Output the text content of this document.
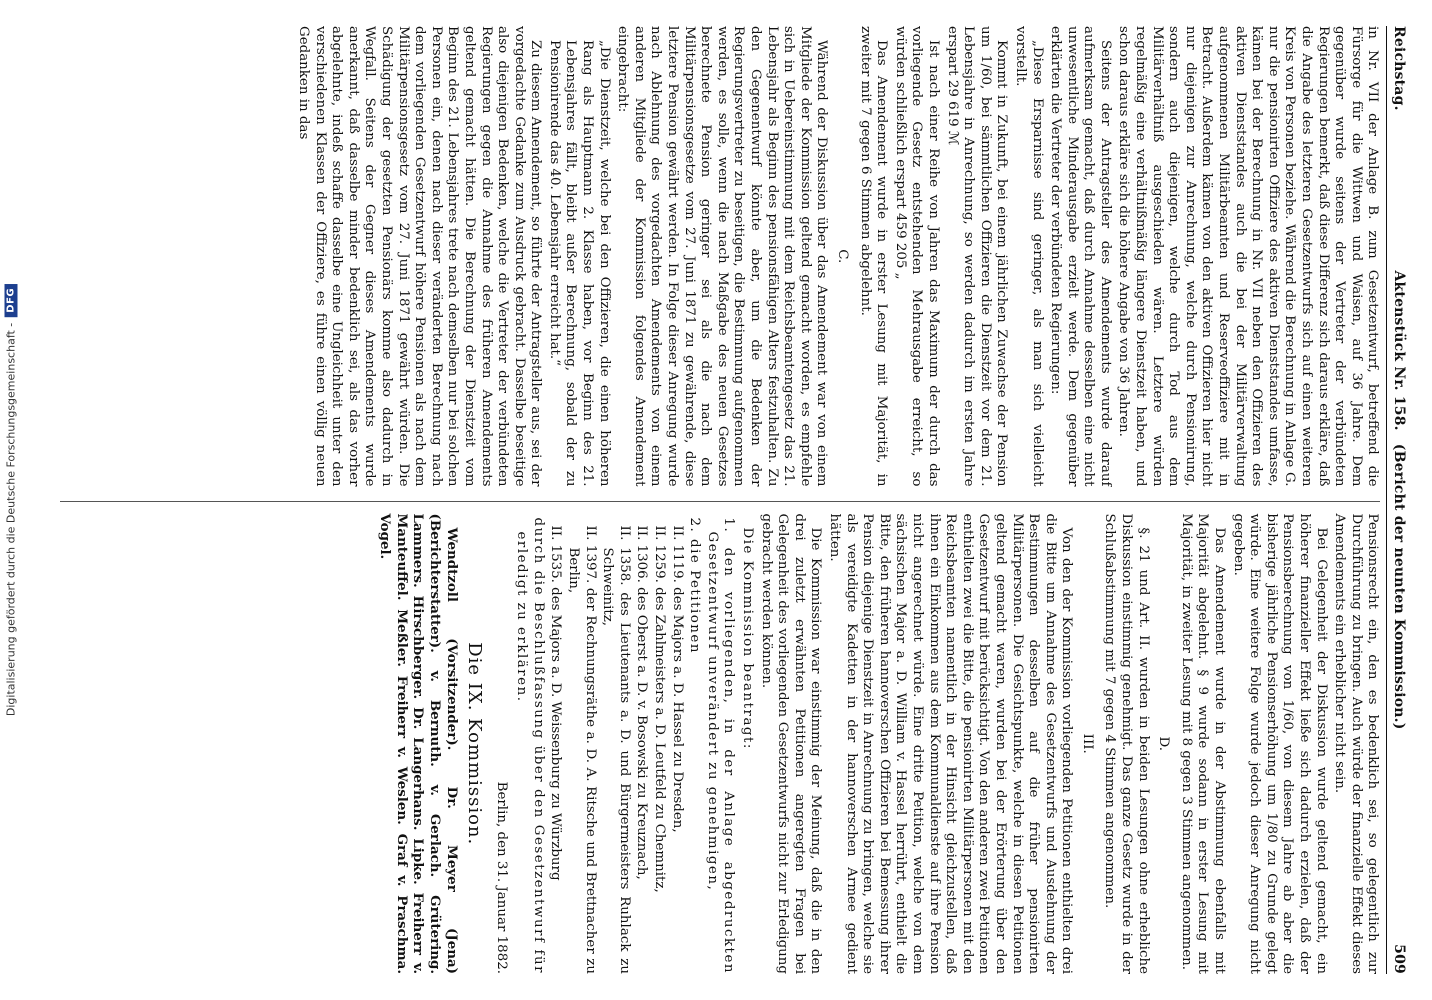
Digitalisierung gefördert durch die Deutsche Forschungsgemeinschaft -
DFG
Reichstag.
Aktenstück Nr. 158. (Bericht der neunten Kommission.)
509

in Nr. VII der Anlage B. zum Gesetzentwurf, betreffend die Fürsorge für die Wittwen und Waisen, auf 36 Jahre. Dem gegenüber wurde seitens der Vertreter der verbündeten Regierungen bemerkt, daß diese Differenz sich daraus erkläre, daß die Angabe des letzteren Gesetzentwurfs sich auf einen weiteren Kreis von Personen beziehe. Während die Berechnung in Anlage G. nur die pensionirten Offiziere des aktiven Dienststandes umfasse, kämen bei der Berechnung in Nr. VII neben den Offizieren des aktiven Dienststandes auch die bei der Militärverwaltung aufgenommenen Militärbeamten und Reserveoffiziere mit in Betracht. Außerdem kämen von den aktiven Offizieren hier nicht nur diejenigen zur Anrechnung, welche durch Pensionirung, sondern auch diejenigen, welche durch Tod aus dem Militärverhältniß ausgeschieden wären. Letztere würden regelmäßig eine verhältnißmäßig längere Dienstzeit haben, und schon daraus erkläre sich die höhere Angabe von 36 Jahren.

Seitens der Antragsteller des Amendements wurde darauf aufmerksam gemacht, daß durch Annahme desselben eine nicht unwesentliche Minderausgabe erzielt werde. Dem gegenüber erklärten die Vertreter der verbündeten Regierungen:

„Diese Ersparnisse sind geringer, als man sich vielleicht vorstellt.

Kommt in Zukunft, bei einem jährlichen Zuwachse der Pension um 1/60, bei sämmtlichen Offizieren die Dienstzeit vor dem 21. Lebensjahre in Anrechnung, so werden dadurch im ersten Jahre erspart 29 619 ℳ

Ist nach einer Reihe von Jahren das Maximum der durch das vorliegende Gesetz entstehenden Mehrausgabe erreicht, so würden schließlich erspart 459 205 „

Das Amendement wurde in erster Lesung mit Majorität, in zweiter mit 7 gegen 6 Stimmen abgelehnt.

C.

Während der Diskussion über das Amendement war von einem Mitgliede der Kommission geltend gemacht worden, es empfehle sich in Uebereinstimmung mit dem Reichsbeamtengesetz das 21. Lebensjahr als Beginn des pensionsfähigen Alters festzuhalten. Zu den Gegenentwurf könnte aber, um die Bedenken der Regierungsvertreter zu beseitigen, die Bestimmung aufgenommen werden, es solle, wenn die nach Maßgabe des neuen Gesetzes berechnete Pension geringer sei als die nach dem Militärpensionsgesetze vom 27. Juni 1871 zu gewährende, diese letztere Pension gewährt werden. In Folge dieser Anregung wurde nach Ablehnung des vorgedachten Amendements von einem anderen Mitgliede der Kommission folgendes Amendement eingebracht:

„Die Dienstzeit, welche bei den Offizieren, die einen höheren Rang als Hauptmann 2. Klasse haben, vor Beginn des 21. Lebensjahres fällt, bleibt außer Berechnung, sobald der zu Pensionirende das 40. Lebensjahr erreicht hat.“

Zu diesem Amendement, so führte der Antragsteller aus, sei der vorgedachte Gedanke zum Ausdruck gebracht. Dasselbe beseitige also diejenigen Bedenken, welche die Vertreter der verbündeten Regierungen gegen die Annahme des früheren Amendements geltend gemacht hätten. Die Berechnung der Dienstzeit vom Beginn des 21. Lebensjahres trete nach demselben nur bei solchen Personen ein, denen nach dieser veränderten Berechnung nach dem vorliegenden Gesetzentwurf höhere Pensionen als nach dem Militärpensionsgesetz vom 27. Juni 1871 gewährt würden. Die Schädigung der gesetzten Pensionärs komme also dadurch in Wegfall. Seitens der Gegner dieses Amendements wurde anerkannt, daß dasselbe minder bedenklich sei, als das vorher abgelehnte, indeß schaffe dasselbe eine Ungleichheit unter den verschiedenen Klassen der Offiziere, es führe einen völlig neuen Gedanken in das

Pensionsrecht ein, den es bedenklich sei, so gelegentlich zur Durchführung zu bringen. Auch würde der finanzielle Effekt dieses Amendements ein erheblicher nicht sein.

Bei Gelegenheit der Diskussion wurde geltend gemacht, ein höherer finanzieller Effekt ließe sich dadurch erzielen, daß der Pensionsberechnung von 1/60, von diesem Jahre ab aber die bisherige jährliche Pensionserhöhung um 1/80 zu Grunde gelegt würde. Eine weitere Folge wurde jedoch dieser Anregung nicht gegeben.

Das Amendement wurde in der Abstimmung ebenfalls mit Majorität abgelehnt. § 9 wurde sodann in erster Lesung mit Majorität, in zweiter Lesung mit 8 gegen 3 Stimmen angenommen.

D.

§. 21 und Art. II. wurden in beiden Lesungen ohne erhebliche Diskussion einstimmig genehmigt. Das ganze Gesetz wurde in der Schlußabstimmung mit 7 gegen 4 Stimmen angenommen.

III.

Von den der Kommission vorliegenden Petitionen enthielten drei die Bitte um Annahme des Gesetzentwurfs und Ausdehnung der Bestimmungen desselben auf die früher pensionirten Militärpersonen. Die Gesichtspunkte, welche in diesen Petitionen geltend gemacht waren, wurden bei der Erörterung über den Gesetzentwurf mit berücksichtigt. Von den anderen zwei Petitionen enthielten zwei die Bitte, die pensionirten Militärpersonen mit den Reichsbeamten namentlich in der Hinsicht gleichzustellen, daß ihnen ein Einkommen aus dem Kommunaldienste auf ihre Pension nicht angerechnet würde. Eine dritte Petition, welche von dem sächsischen Major a. D. William v. Hassel herrührt, enthielt die Bitte, den früheren hannoverschen Offizieren bei Bemessung ihrer Pension diejenige Dienstzeit in Anrechnung zu bringen, welche sie als vereidigte Kadetten in der hannoverschen Armee gedient hätten.

Die Kommission war einstimmig der Meinung, daß die in den drei zuletzt erwähnten Petitionen angeregten Fragen bei Gelegenheit des vorliegenden Gesetzentwurfs nicht zur Erledigung gebracht werden können.

Die Kommission beantragt:

1. den vorliegenden, in der Anlage abgedruckten Gesetzentwurf unverändert zu genehmigen,
2. die Petitionen
II. 1119. des Majors a. D. Hassel zu Dresden,
II. 1259. des Zahlmeisters a. D. Leutfeld zu Chemnitz,
II. 1306. des Oberst a. D. v. Bosowski zu Kreuznach,
II. 1358. des Lieutenants a. D. und Bürgermeisters Ruhlack zu Schweinitz,
II. 1397. der Rechnungsräthe a. D. A. Ritsche und Brettnacher zu Berlin,
II. 1535. des Majors a. D. Weissenburg zu Würzburg
durch die Beschlußfassung über den Gesetzentwurf für erledigt zu erklären.
Berlin, den 31. Januar 1882.
Die IX. Kommission.

Wendtzoll (Vorsitzender). Dr. Meyer (Jena) (Berichterstatter). v. Bernuth. v. Gerlach. Grütering. Lammers. Hirschberger. Dr. Langerhans. Lipke. Freiherr v. Manteuffel. Meßler. Freiherr v. Weslen. Graf v. Praschma. Vogel.
